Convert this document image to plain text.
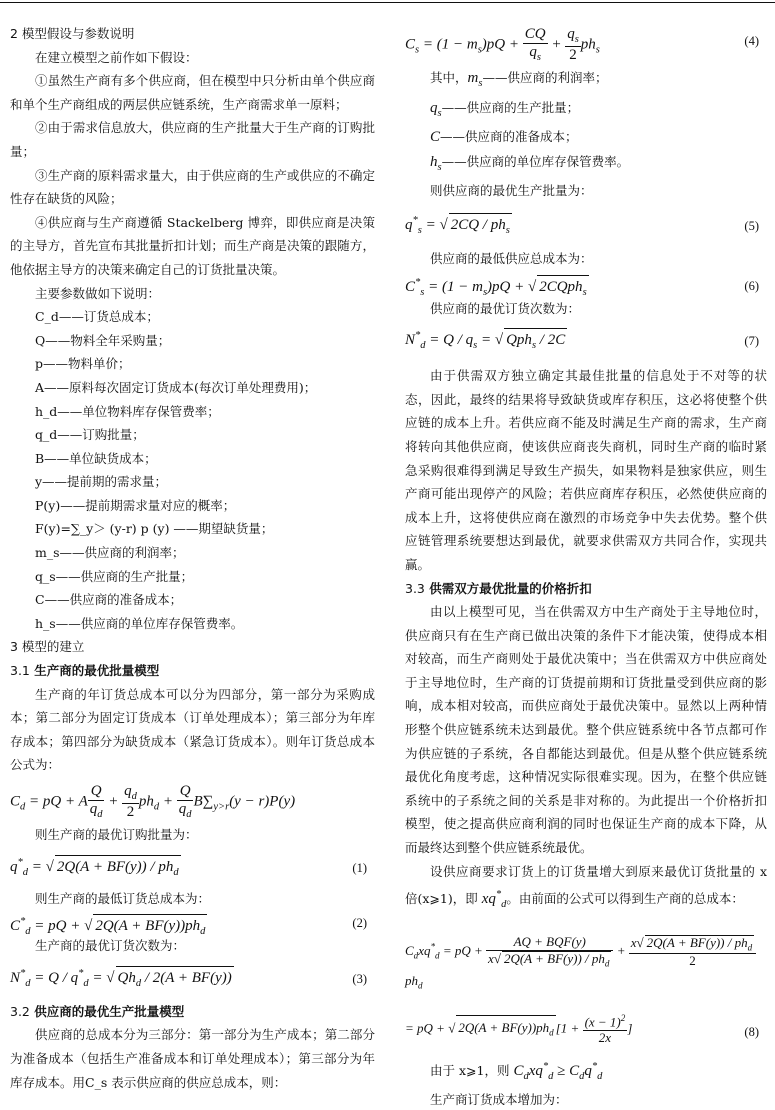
2 模型假设与参数说明
在建立模型之前作如下假设：
①虽然生产商有多个供应商，但在模型中只分析由单个供应商和单个生产商组成的两层供应链系统，生产商需求单一原料；
②由于需求信息放大，供应商的生产批量大于生产商的订购批量；
③生产商的原料需求量大，由于供应商的生产或供应的不确定性存在缺货的风险；
④供应商与生产商遵循 Stackelberg 博弈，即供应商是决策的主导方，首先宣布其批量折扣计划；而生产商是决策的跟随方，他依据主导方的决策来确定自己的订货批量决策。
主要参数做如下说明：
C_d——订货总成本；
Q——物料全年采购量；
p——物料单价；
A——原料每次固定订货成本(每次订单处理费用)；
h_d——单位物料库存保管费率；
q_d——订购批量；
B——单位缺货成本；
y——提前期的需求量；
P(y)——提前期需求量对应的概率；
F(y)=∑_y＞ (y-r) p (y) ——期望缺货量；
m_s——供应商的利润率；
q_s——供应商的生产批量；
C——供应商的准备成本；
h_s——供应商的单位库存保管费率。
3 模型的建立
3.1 生产商的最优批量模型
生产商的年订货总成本可以分为四部分，第一部分为采购成本；第二部分为固定订货成本（订单处理成本）；第三部分为年库存成本；第四部分为缺货成本（紧急订货成本）。则年订货总成本公式为：
$C_d$ = pQ + A $\frac{Q}{q_d} + \frac{q_d}{2} ph_d + \frac{Q}{q_d} B\sum_{y>r}(y - r)P(y)$
则生产商的最优订购批量为：
$q^*_d$ = √ $2Q(A + BF(y)) / ph_d$	(1)
则生产商的最低订货总成本为：
$C^*_d$ = pQ + √ $2Q(A + BF(y))ph_d$
(2)
生产商的最优订货次数为：
$N^*_d = Q / q^*_d$ = √ $Qh_d / 2(A + BF(y))$	(3)
3.2 供应商的最优生产批量模型
供应商的总成本分为三部分：第一部分为生产成本；第二部分为准备成本（包括生产准备成本和订单处理成本）；第三部分为年库存成本。用C_s 表示供应商的供应总成本，则：
$C_s = (1 - m_s)pQ + \frac{CQ}{q_s} + \frac{q_s}{2} ph_s$
(4)
其中，$m_s——$供应商的利润率；
$q_s——$供应商的生产批量；
C——供应商的准备成本；
$h_s——$供应商的单位库存保管费率。
则供应商的最优生产批量为：
$q^*_s$ = √ $2CQ / ph_s$	(5)
供应商的最低供应总成本为：
$C^*_s = (1 - m_s)pQ$ + √ 2CQph$_s$	(6)
供应商的最优订货次数为：
$N^*_d = Q / q_s$ = √ Qph$_s$ / 2C	(7)
由于供需双方独立确定其最佳批量的信息处于不对等的状态，因此，最终的结果将导致缺货或库存积压，这必将使整个供应链的成本上升。若供应商不能及时满足生产商的需求，生产商将转向其他供应商，使该供应商丧失商机，同时生产商的临时紧急采购很难得到满足导致生产损失，如果物料是独家供应，则生产商可能出现停产的风险；若供应商库存积压，必然使供应商的成本上升，这将使供应商在激烈的市场竞争中失去优势。整个供应链管理系统要想达到最优，就要求供需双方共同合作，实现共赢。
3.3 供需双方最优批量的价格折扣
由以上模型可见，当在供需双方中生产商处于主导地位时，供应商只有在生产商已做出决策的条件下才能决策，使得成本相对较高，而生产商则处于最优决策中；当在供需双方中供应商处于主导地位时，生产商的订货提前期和订货批量受到供应商的影响，成本相对较高，而供应商处于最优决策中。显然以上两种情形整个供应链系统未达到最优。整个供应链系统中各节点都可作为供应链的子系统，各自都能达到最优。但是从整个供应链系统最优化角度考虑，这种情况实际很难实现。因为，在整个供应链系统中的子系统之间的关系是非对称的。为此提出一个价格折扣模型，使之提高供应商利润的同时也保证生产商的成本下降，从而最终达到整个供应链系统最优。
设供应商要求订货上的订货量增大到原来最优订货批量的 x 倍(x⩾1)，即 $xq^*_d$。由前面的公式可以得到生产商的总成本：
$C_dxq^*_d$ = pQ + $\frac{\text{AQ + BQF(y)}}{x√ 2Q(A + BF(y)) / ph_d} + \frac{x√ 2Q(A + BF(y)) / ph_d}{2}$
$ph_d$
= pQ + √ $2Q(A + BF(y))ph_d$ [$1 + \frac{(x - 1)^2}{2x}$ ]	(8)
由于 x⩾1，则 $C_dxq^*_d \ge C_dq^*_d$
生产商订货成本增加为：
